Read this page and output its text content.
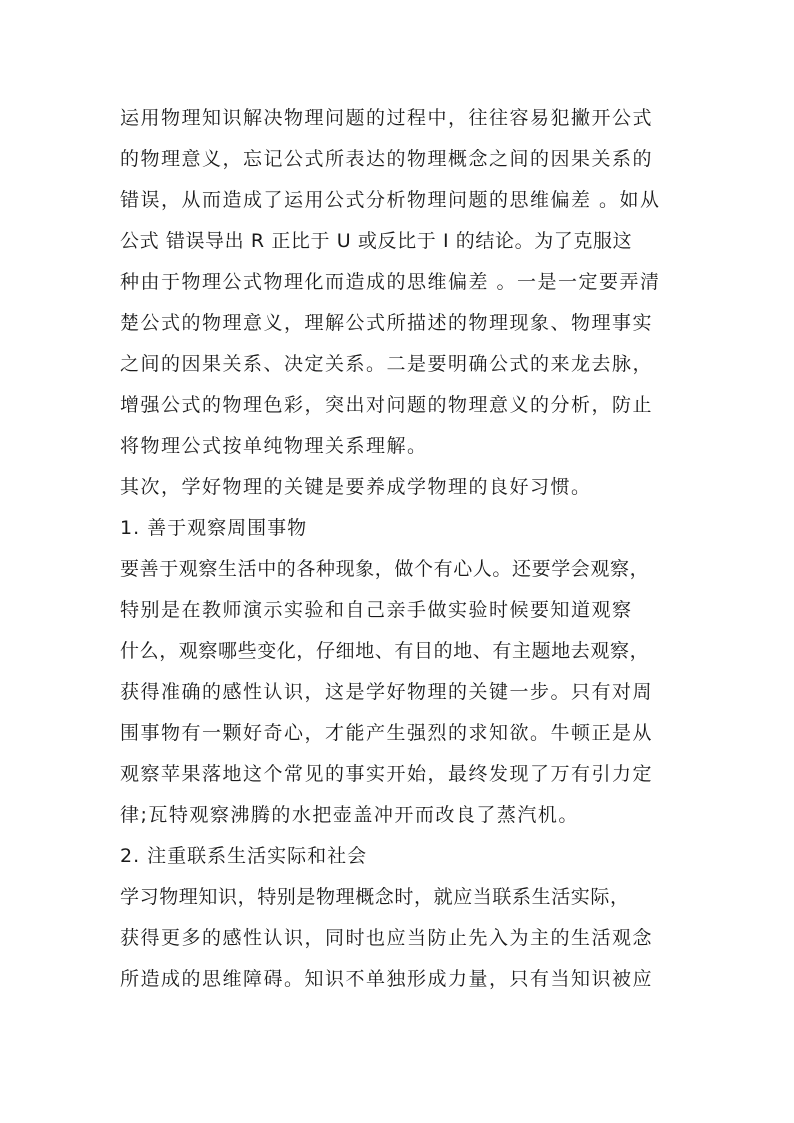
运用物理知识解决物理问题的过程中，往往容易犯撇开公式
的物理意义，忘记公式所表达的物理概念之间的因果关系的
错误，从而造成了运用公式分析物理问题的思维偏差 。如从
公式 错误导出 R 正比于 U 或反比于 I 的结论。为了克服这
种由于物理公式物理化而造成的思维偏差 。一是一定要弄清
楚公式的物理意义，理解公式所描述的物理现象、物理事实
之间的因果关系、决定关系。二是要明确公式的来龙去脉，
增强公式的物理色彩，突出对问题的物理意义的分析，防止
将物理公式按单纯物理关系理解。
其次，学好物理的关键是要养成学物理的良好习惯。
1. 善于观察周围事物
要善于观察生活中的各种现象，做个有心人。还要学会观察，
特别是在教师演示实验和自己亲手做实验时候要知道观察
什么，观察哪些变化，仔细地、有目的地、有主题地去观察，
获得准确的感性认识，这是学好物理的关键一步。只有对周
围事物有一颗好奇心，才能产生强烈的求知欲。牛顿正是从
观察苹果落地这个常见的事实开始，最终发现了万有引力定
律;瓦特观察沸腾的水把壶盖冲开而改良了蒸汽机。
2. 注重联系生活实际和社会
学习物理知识，特别是物理概念时，就应当联系生活实际，
获得更多的感性认识，同时也应当防止先入为主的生活观念
所造成的思维障碍。知识不单独形成力量，只有当知识被应
